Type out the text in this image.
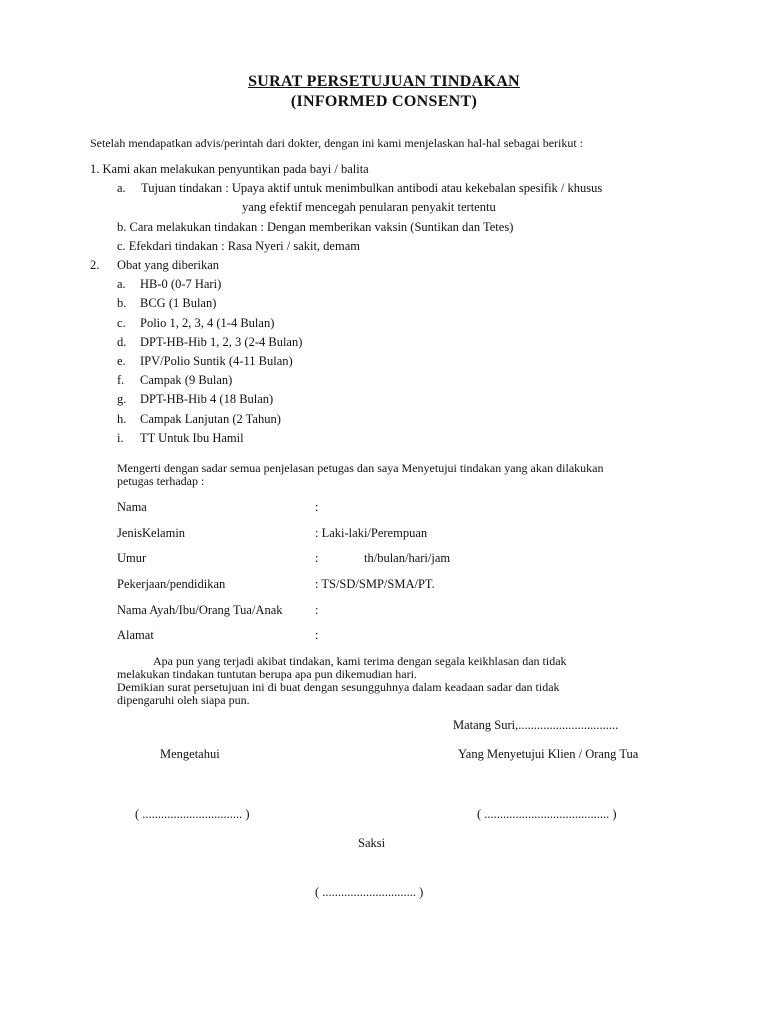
SURAT PERSETUJUAN TINDAKAN
(INFORMED CONSENT)
Setelah mendapatkan advis/perintah dari dokter, dengan ini kami menjelaskan hal-hal sebagai berikut :
1. Kami akan melakukan penyuntikan pada bayi / balita
a. Tujuan tindakan : Upaya aktif untuk menimbulkan antibodi atau kekebalan spesifik / khusus
yang efektif mencegah penularan penyakit tertentu
b. Cara melakukan tindakan : Dengan memberikan vaksin (Suntikan dan Tetes)
c. Efekdari tindakan : Rasa Nyeri / sakit, demam
2. Obat yang diberikan
a. HB-0 (0-7 Hari)
b. BCG (1 Bulan)
c. Polio 1, 2, 3, 4 (1-4 Bulan)
d. DPT-HB-Hib 1, 2, 3 (2-4 Bulan)
e. IPV/Polio Suntik (4-11 Bulan)
f. Campak (9 Bulan)
g. DPT-HB-Hib 4 (18 Bulan)
h. Campak Lanjutan (2 Tahun)
i. TT Untuk Ibu Hamil
Mengerti dengan sadar semua penjelasan petugas dan saya Menyetujui tindakan yang akan dilakukan
petugas terhadap :
Nama	:
JenisKelamin	: Laki-laki/Perempuan
Umur	:	th/bulan/hari/jam
Pekerjaan/pendidikan	: TS/SD/SMP/SMA/PT.
Nama Ayah/Ibu/Orang Tua/Anak	:
Alamat	:
Apa pun yang terjadi akibat tindakan, kami terima dengan segala keikhlasan dan tidak
melakukan tindakan tuntutan berupa apa pun dikemudian hari.
Demikian surat persetujuan ini di buat dengan sesungguhnya dalam keadaan sadar dan tidak
dipengaruhi oleh siapa pun.
Matang Suri,................................
Mengetahui	Yang Menyetujui Klien / Orang Tua
( ................................ )	( ........................................ )
Saksi
( .............................. )
